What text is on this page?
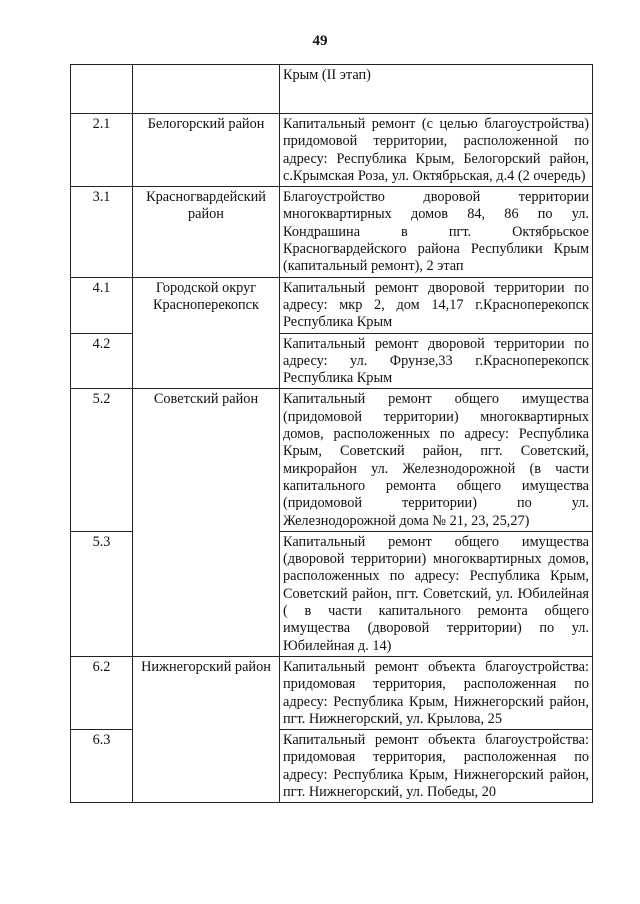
49
		Крым (II этап)
2.1	Белогорский район	Капитальный ремонт (с целью благоустройства) придомовой территории, расположенной по адресу: Республика Крым, Белогорский район, с.Крымская Роза, ул. Октябрьская, д.4 (2 очередь)
3.1	Красногвардейский район	Благоустройство дворовой территории многоквартирных домов 84, 86 по ул. Кондрашина в пгт. Октябрьское Красногвардейского района Республики Крым (капитальный ремонт), 2 этап
4.1	Городской округ Красноперекопск	Капитальный ремонт дворовой территории по адресу: мкр 2, дом 14,17 г.Красноперекопск Республика Крым
4.2		Капитальный ремонт дворовой территории по адресу: ул. Фрунзе,33 г.Красноперекопск Республика Крым
5.2	Советский район	Капитальный ремонт общего имущества (придомовой территории) многоквартирных домов, расположенных по адресу: Республика Крым, Советский район, пгт. Советский, микрорайон ул. Железнодорожной (в части капитального ремонта общего имущества (придомовой территории) по ул. Железнодорожной дома № 21, 23, 25,27)
5.3		Капитальный ремонт общего имущества (дворовой территории) многоквартирных домов, расположенных по адресу: Республика Крым, Советский район, пгт. Советский, ул. Юбилейная ( в части капитального ремонта общего имущества (дворовой территории) по ул. Юбилейная д. 14)
6.2	Нижнегорский район	Капитальный ремонт объекта благоустройства: придомовая территория, расположенная по адресу: Республика Крым, Нижнегорский район, пгт. Нижнегорский, ул. Крылова, 25
6.3		Капитальный ремонт объекта благоустройства: придомовая территория, расположенная по адресу: Республика Крым, Нижнегорский район, пгт. Нижнегорский, ул. Победы, 20
